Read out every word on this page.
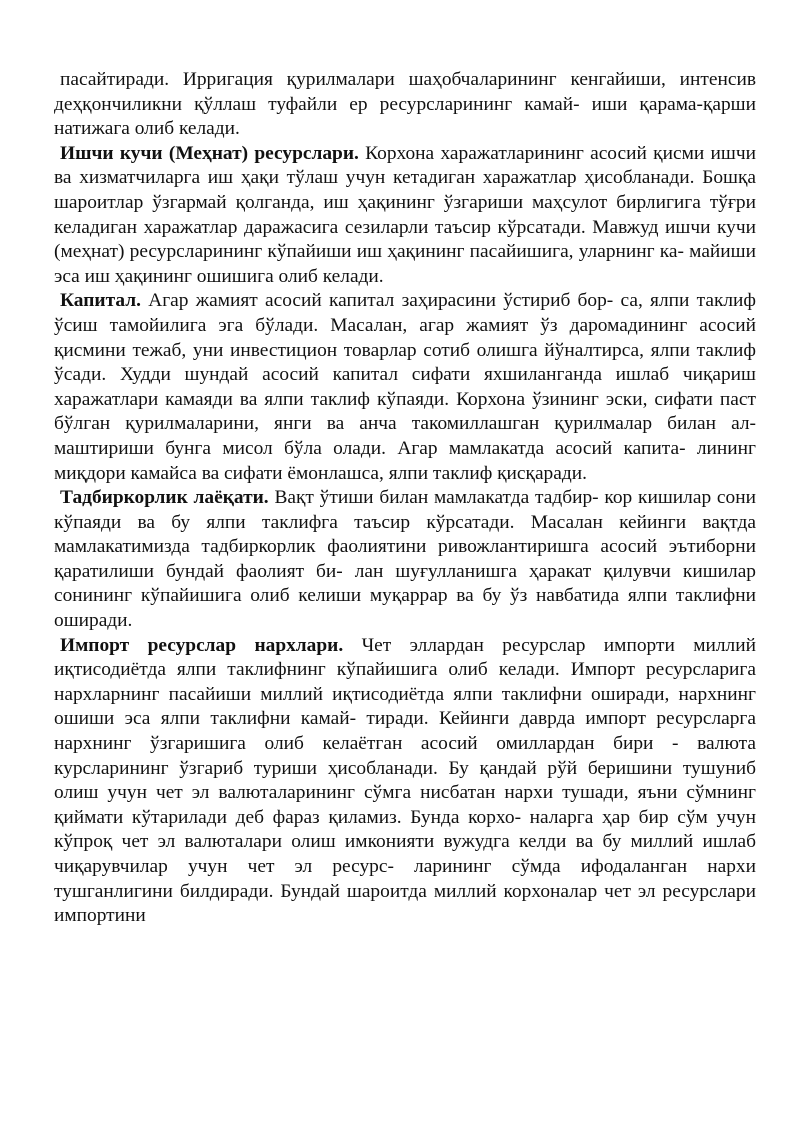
пасайтиради. Ирригация қурилмалари шаҳобчаларининг кенгайиши, интенсив деҳқончиликни қўллаш туфайли ер ресурсларининг камай- иши қарама-қарши натижага олиб келади.

Ишчи кучи (Меҳнат) ресурслари. Корхона харажатларининг асосий қисми ишчи ва хизматчиларга иш ҳақи тўлаш учун кетадиган харажатлар ҳисобланади. Бошқа шароитлар ўзгармай қолганда, иш ҳақининг ўзгариши маҳсулот бирлигига тўғри келадиган харажатлар даражасига сезиларли таъсир кўрсатади. Мавжуд ишчи кучи (меҳнат) ресурсларининг кўпайиши иш ҳақининг пасайишига, уларнинг ка- майиши эса иш ҳақининг ошишига олиб келади.

Капитал. Агар жамият асосий капитал заҳирасини ўстириб бор- са, ялпи таклиф ўсиш тамойилига эга бўлади. Масалан, агар жамият ўз даромадининг асосий қисмини тежаб, уни инвестицион товарлар сотиб олишга йўналтирса, ялпи таклиф ўсади. Худди шундай асосий капитал сифати яхшиланганда ишлаб чиқариш харажатлари камаяди ва ялпи таклиф кўпаяди. Корхона ўзининг эски, сифати паст бўлган қурилмаларини, янги ва анча такомиллашган қурилмалар билан ал- маштириши бунга мисол бўла олади. Агар мамлакатда асосий капита- лининг миқдори камайса ва сифати ёмонлашса, ялпи таклиф қисқаради.

Тадбиркорлик лаёқати. Вақт ўтиши билан мамлакатда тадбир- кор кишилар сони кўпаяди ва бу ялпи таклифга таъсир кўрсатади. Масалан кейинги вақтда мамлакатимизда тадбиркорлик фаолиятини ривожлантиришга асосий эътиборни қаратилиши бундай фаолият би- лан шуғулланишга ҳаракат қилувчи кишилар сонининг кўпайишига олиб келиши муқаррар ва бу ўз навбатида ялпи таклифни оширади.

Импорт ресурслар нархлари. Чет эллардан ресурслар импорти миллий иқтисодиётда ялпи таклифнинг кўпайишига олиб келади. Импорт ресурсларига нархларнинг пасайиши миллий иқтисодиётда ялпи таклифни оширади, нархнинг ошиши эса ялпи таклифни камай- тиради. Кейинги даврда импорт ресурсларга нархнинг ўзгаришига олиб келаётган асосий омиллардан бири - валюта курсларининг ўзгариб туриши ҳисобланади. Бу қандай рўй беришини тушуниб олиш учун чет эл валюталарининг сўмга нисбатан нархи тушади, яъни сўмнинг қиймати кўтарилади деб фараз қиламиз. Бунда корхо- наларга ҳар бир сўм учун кўпроқ чет эл валюталари олиш имконияти вужудга келди ва бу миллий ишлаб чиқарувчилар учун чет эл ресурс- ларининг сўмда ифодаланган нархи тушганлигини билдиради. Бундай шароитда миллий корхоналар чет эл ресурслари импортини
